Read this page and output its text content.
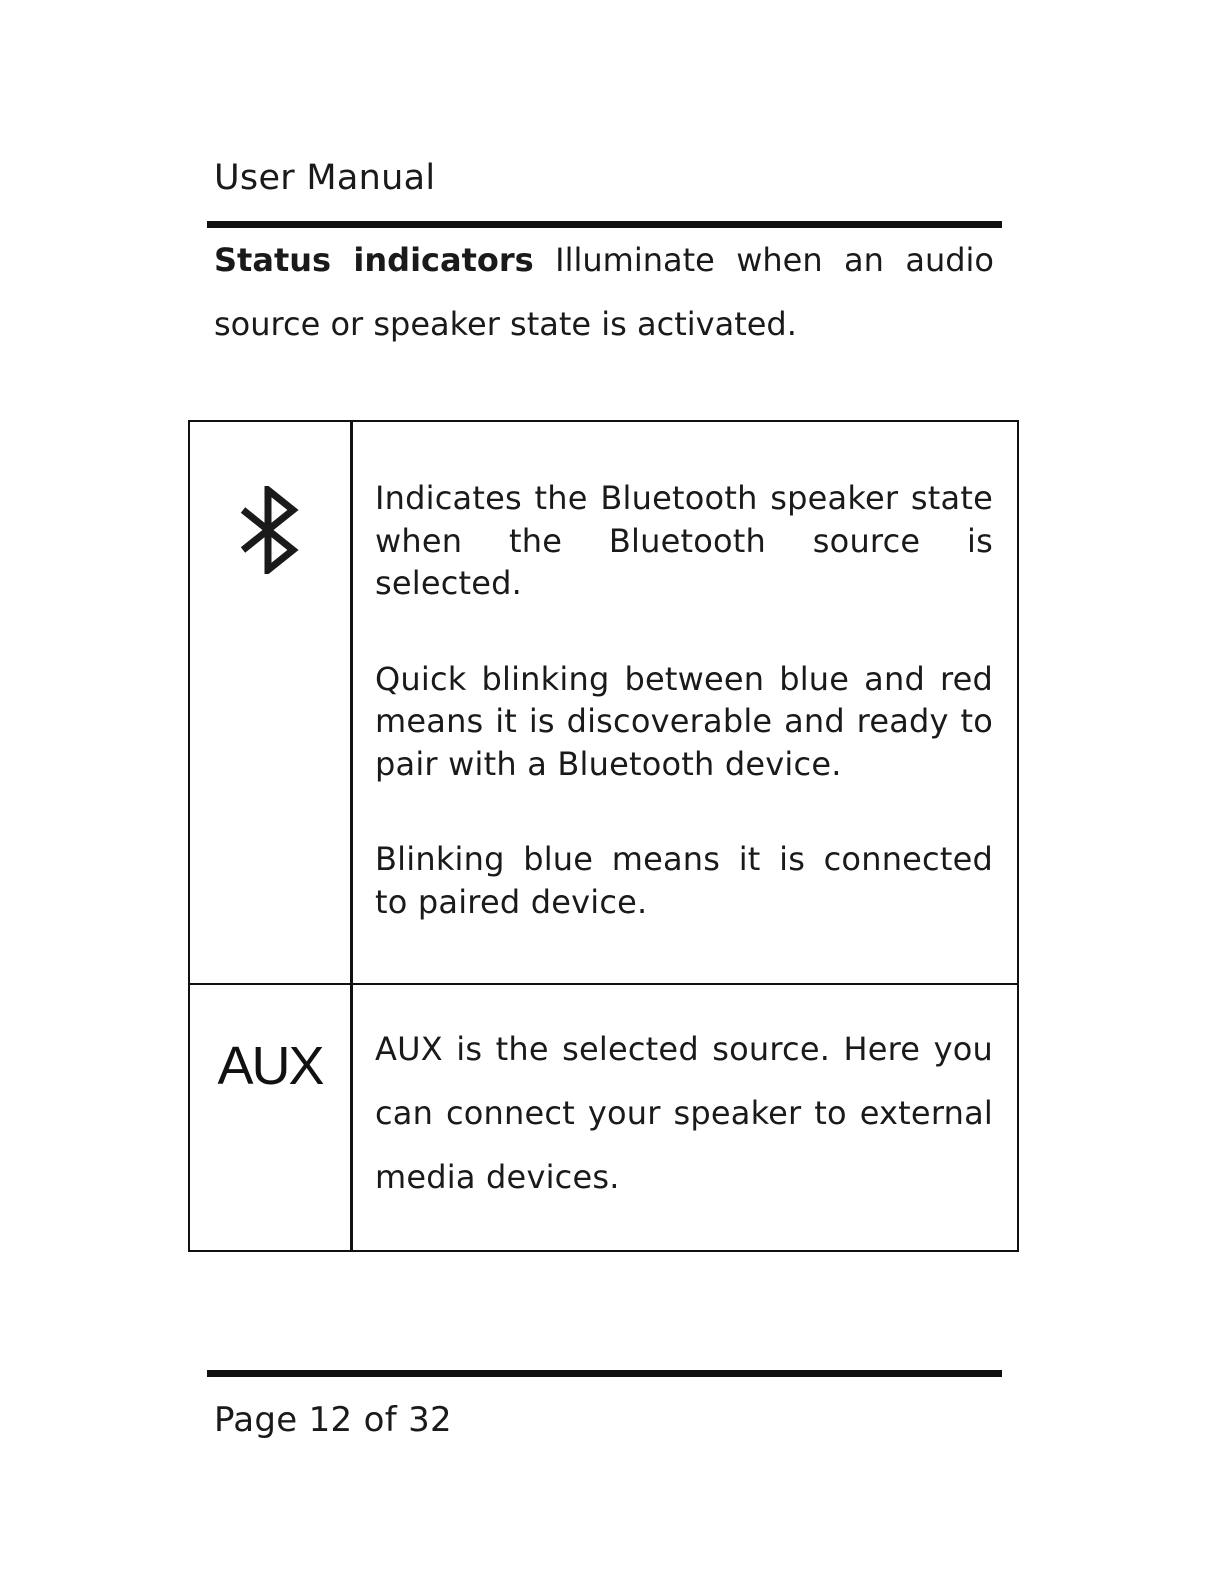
User Manual

Status indicators Illuminate when an audio source or speaker state is activated.

Indicates the Bluetooth speaker state when the Bluetooth source is selected.

Quick blinking between blue and red means it is discoverable and ready to pair with a Bluetooth device.

Blinking blue means it is connected to paired device.

AUX	AUX is the selected source. Here you can connect your speaker to external media devices.

Page 12 of 32
